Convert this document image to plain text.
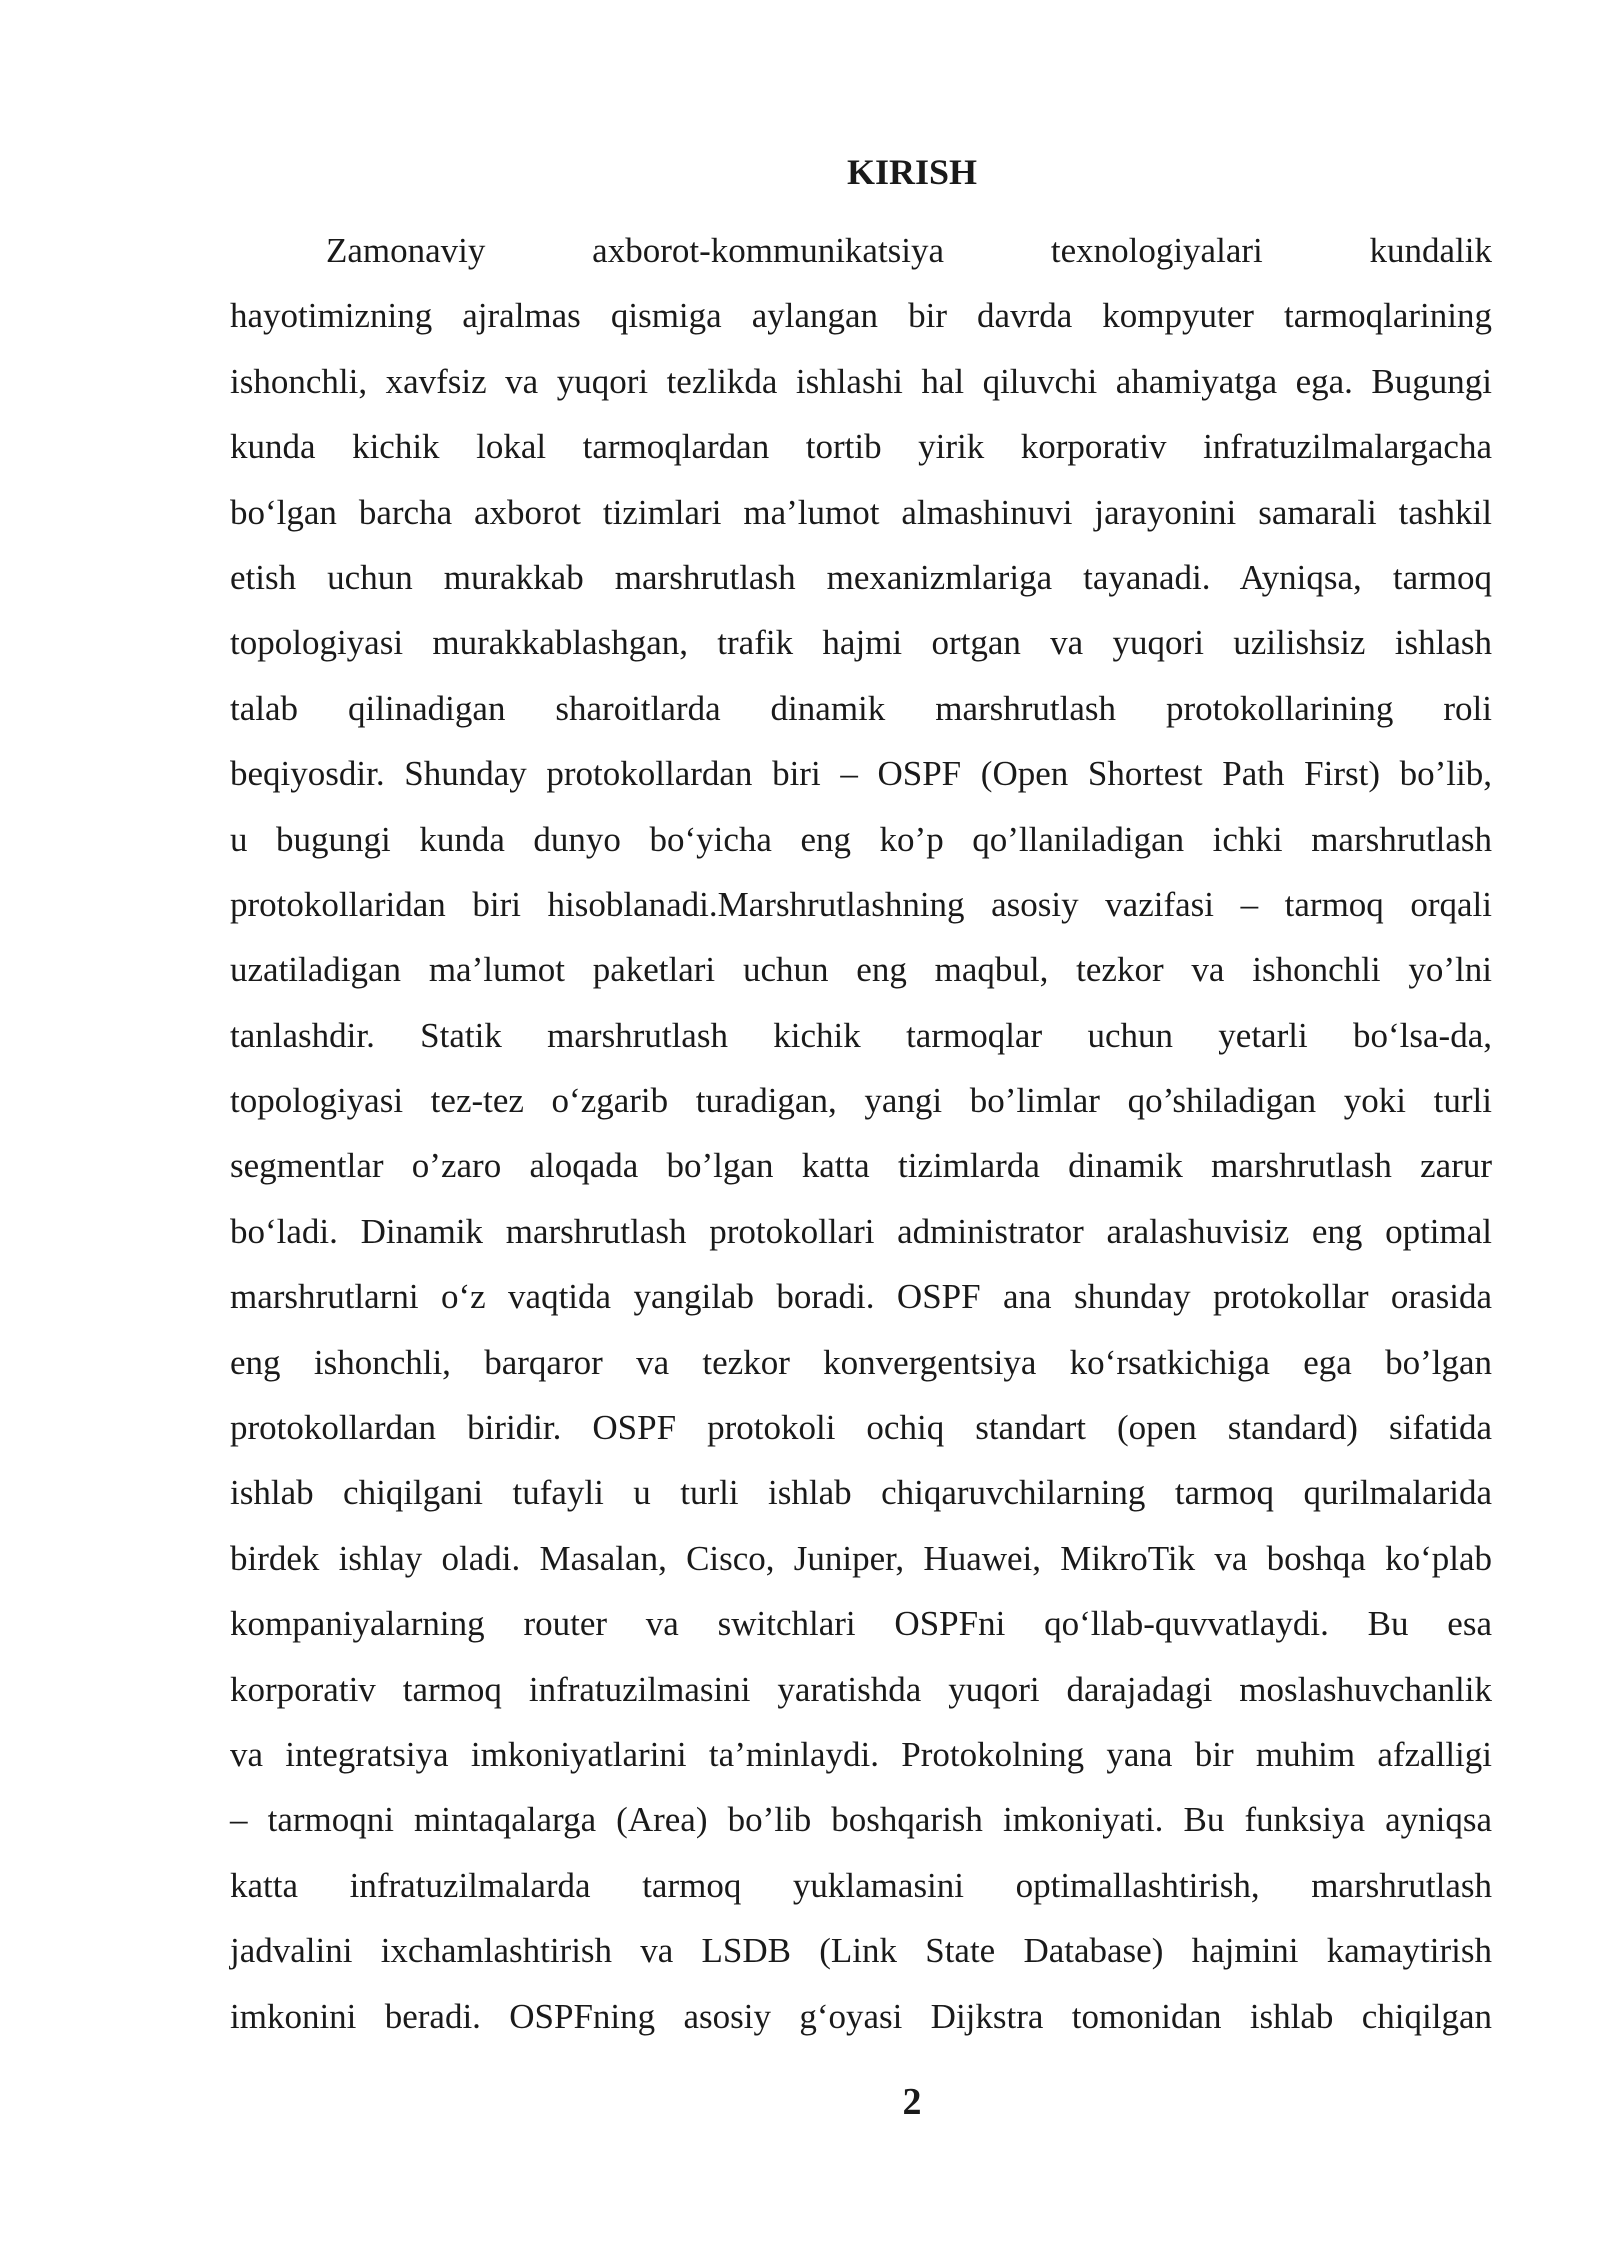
KIRISH

Zamonaviy axborot-kommunikatsiya texnologiyalari kundalik

hayotimizning ajralmas qismiga aylangan bir davrda kompyuter tarmoqlarining

ishonchli, xavfsiz va yuqori tezlikda ishlashi hal qiluvchi ahamiyatga ega. Bugungi

kunda kichik lokal tarmoqlardan tortib yirik korporativ infratuzilmalargacha

bo‘lgan barcha axborot tizimlari ma’lumot almashinuvi jarayonini samarali tashkil

etish uchun murakkab marshrutlash mexanizmlariga tayanadi. Ayniqsa, tarmoq

topologiyasi murakkablashgan, trafik hajmi ortgan va yuqori uzilishsiz ishlash

talab qilinadigan sharoitlarda dinamik marshrutlash protokollarining roli

beqiyosdir. Shunday protokollardan biri – OSPF (Open Shortest Path First) bo’lib,

u bugungi kunda dunyo bo‘yicha eng ko’p qo’llaniladigan ichki marshrutlash

protokollaridan biri hisoblanadi.Marshrutlashning asosiy vazifasi – tarmoq orqali

uzatiladigan ma’lumot paketlari uchun eng maqbul, tezkor va ishonchli yo’lni

tanlashdir. Statik marshrutlash kichik tarmoqlar uchun yetarli bo‘lsa-da,

topologiyasi tez-tez o‘zgarib turadigan, yangi bo’limlar qo’shiladigan yoki turli

segmentlar o’zaro aloqada bo’lgan katta tizimlarda dinamik marshrutlash zarur

bo‘ladi. Dinamik marshrutlash protokollari administrator aralashuvisiz eng optimal

marshrutlarni o‘z vaqtida yangilab boradi. OSPF ana shunday protokollar orasida

eng ishonchli, barqaror va tezkor konvergentsiya ko‘rsatkichiga ega bo’lgan

protokollardan biridir. OSPF protokoli ochiq standart (open standard) sifatida

ishlab chiqilgani tufayli u turli ishlab chiqaruvchilarning tarmoq qurilmalarida

birdek ishlay oladi. Masalan, Cisco, Juniper, Huawei, MikroTik va boshqa ko‘plab

kompaniyalarning router va switchlari OSPFni qo‘llab-quvvatlaydi. Bu esa

korporativ tarmoq infratuzilmasini yaratishda yuqori darajadagi moslashuvchanlik

va integratsiya imkoniyatlarini ta’minlaydi. Protokolning yana bir muhim afzalligi

– tarmoqni mintaqalarga (Area) bo’lib boshqarish imkoniyati. Bu funksiya ayniqsa

katta infratuzilmalarda tarmoq yuklamasini optimallashtirish, marshrutlash

jadvalini ixchamlashtirish va LSDB (Link State Database) hajmini kamaytirish

imkonini beradi. OSPFning asosiy g‘oyasi Dijkstra tomonidan ishlab chiqilgan

2
